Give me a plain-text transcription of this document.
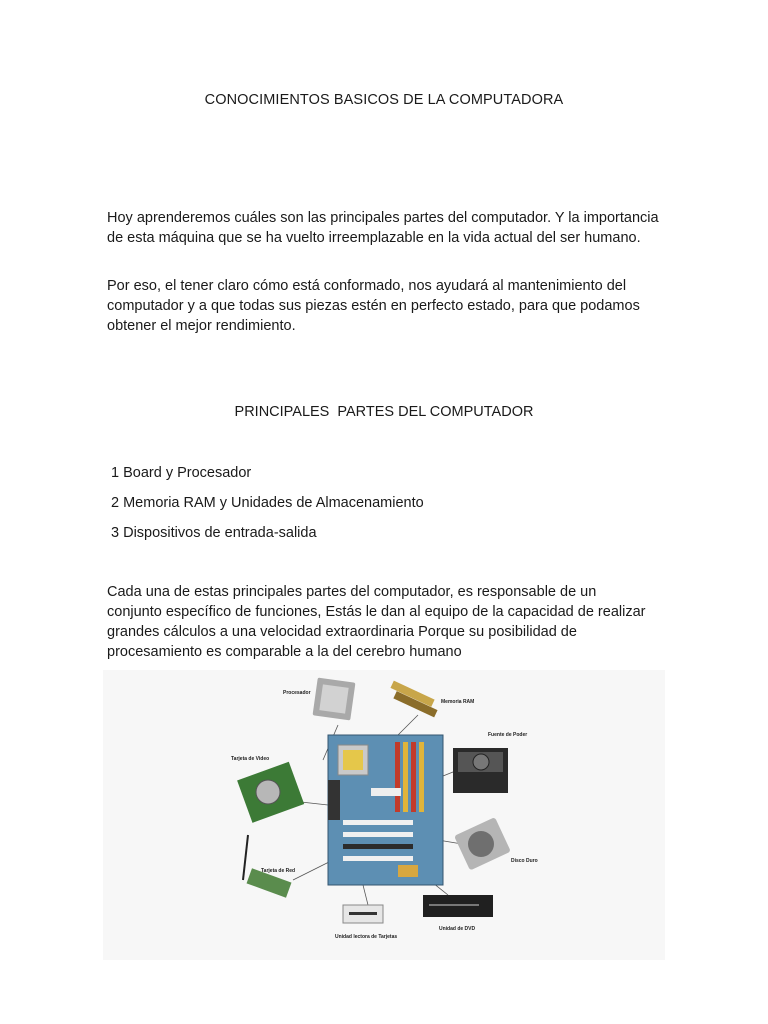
CONOCIMIENTOS BASICOS DE LA COMPUTADORA

Hoy aprenderemos cuáles son las principales partes del computador. Y la importancia de esta máquina que se ha vuelto irreemplazable en la vida actual del ser humano.

Por eso, el tener claro cómo está conformado, nos ayudará al mantenimiento del computador y a que todas sus piezas estén en perfecto estado, para que podamos obtener el mejor rendimiento.

PRINCIPALES  PARTES DEL COMPUTADOR
1 Board y Procesador
2 Memoria RAM y Unidades de Almacenamiento
3 Dispositivos de entrada-salida

Cada una de estas principales partes del computador, es responsable de un conjunto específico de funciones, Estás le dan al equipo de la capacidad de realizar grandes cálculos a una velocidad extraordinaria Porque su posibilidad de procesamiento es comparable a la del cerebro humano

Procesador
Memoria RAM
Fuente de Poder
Tarjeta de Video
Disco Duro
Tarjeta de Red
Unidad lectora de Tarjetas
Unidad de DVD
